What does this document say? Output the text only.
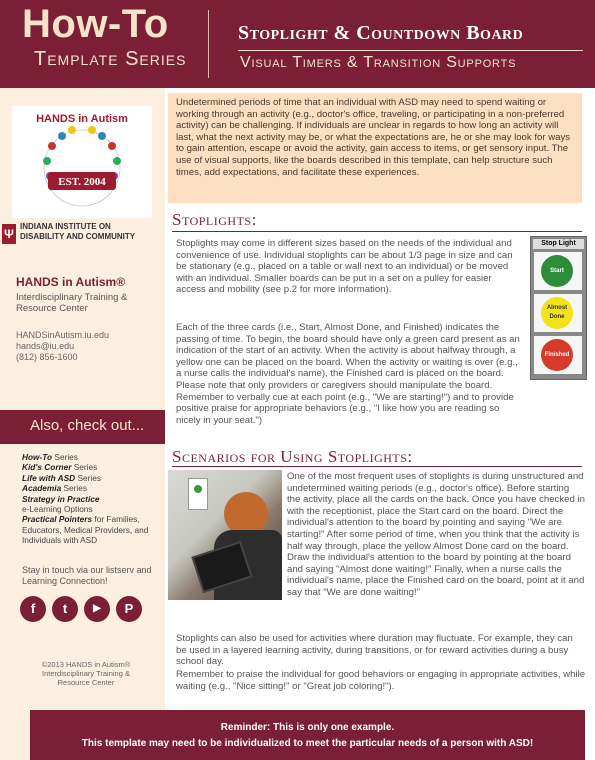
How-To
Template Series
Stoplight & Countdown Board
Visual Timers & Transition Supports
EST. 2004
HANDS in Autism
Ψ
INDIANA INSTITUTE ON
DISABILITY AND COMMUNITY
HANDS in Autism®
Interdisciplinary Training & Resource Center
HANDSinAutism.iu.edu
hands@iu.edu
(812) 856-1600
Also, check out...
How-To Series
Kid's Corner Series
Life with ASD Series
Academia Series
Strategy in Practice
e-Learning Options
Practical Pointers for Families, Educators, Medical Providers, and Individuals with ASD
Stay in touch via our listserv and Learning Connection!
f	t	▶	P
©2013 HANDS in Autism® Interdisciplinary Training & Resource Center

Undetermined periods of time that an individual with ASD may need to spend waiting or working through an activity (e.g., doctor's office, traveling, or participating in a non-preferred activity) can be challenging. If individuals are unclear in regards to how long an activity will last, what the next activity may be, or what the expectations are, he or she may look for ways to gain attention, escape or avoid the activity, gain access to items, or get sensory input. The use of visual supports, like the boards described in this template, can help structure such times, add expectations, and facilitate these experiences.

Stoplights:
Stoplights may come in different sizes based on the needs of the individual and convenience of use. Individual stoplights can be about 1/3 page in size and can be stationary (e.g., placed on a table or wall next to an individual) or be moved with an individual. Smaller boards can be put in a set on a pulley for easier access and mobility (see p.2 for more information).
Each of the three cards (i.e., Start, Almost Done, and Finished) indicates the passing of time. To begin, the board should have only a green card present as an indication of the start of an activity. When the activity is about halfway through, a yellow one can be placed on the board. When the activity or waiting is over (e.g., a nurse calls the individual's name), the Finished card is placed on the board. Please note that only providers or caregivers should manipulate the board. Remember to verbally cue at each point (e.g., "We are starting!") and to provide positive praise for appropriate behaviors (e.g., "I like how you are reading so nicely in your seat.")
Stop Light
Start
Almost Done
Finished
Scenarios for Using Stoplights:
One of the most frequent uses of stoplights is during unstructured and undetermined waiting periods (e.g., doctor's office). Before starting the activity, place all the cards on the back. Once you have checked in with the receptionist, place the Start card on the board. Direct the individual's attention to the board by pointing and saying "We are starting!" After some period of time, when you think that the activity is half way through, place the yellow Almost Done card on the board. Draw the individual's attention to the board by pointing at the board and saying "Almost done waiting!" Finally, when a nurse calls the individual's name, place the Finished card on the board, point at it and say that "We are done waiting!"
Stoplights can also be used for activities where duration may fluctuate. For example, they can be used in a layered learning activity, during transitions, or for reward activities during a busy school day.
Remember to praise the individual for good behaviors or engaging in appropriate activities, while waiting (e.g., "Nice sitting!" or "Great job coloring!").
Reminder: This is only one example.
This template may need to be individualized to meet the particular needs of a person with ASD!
